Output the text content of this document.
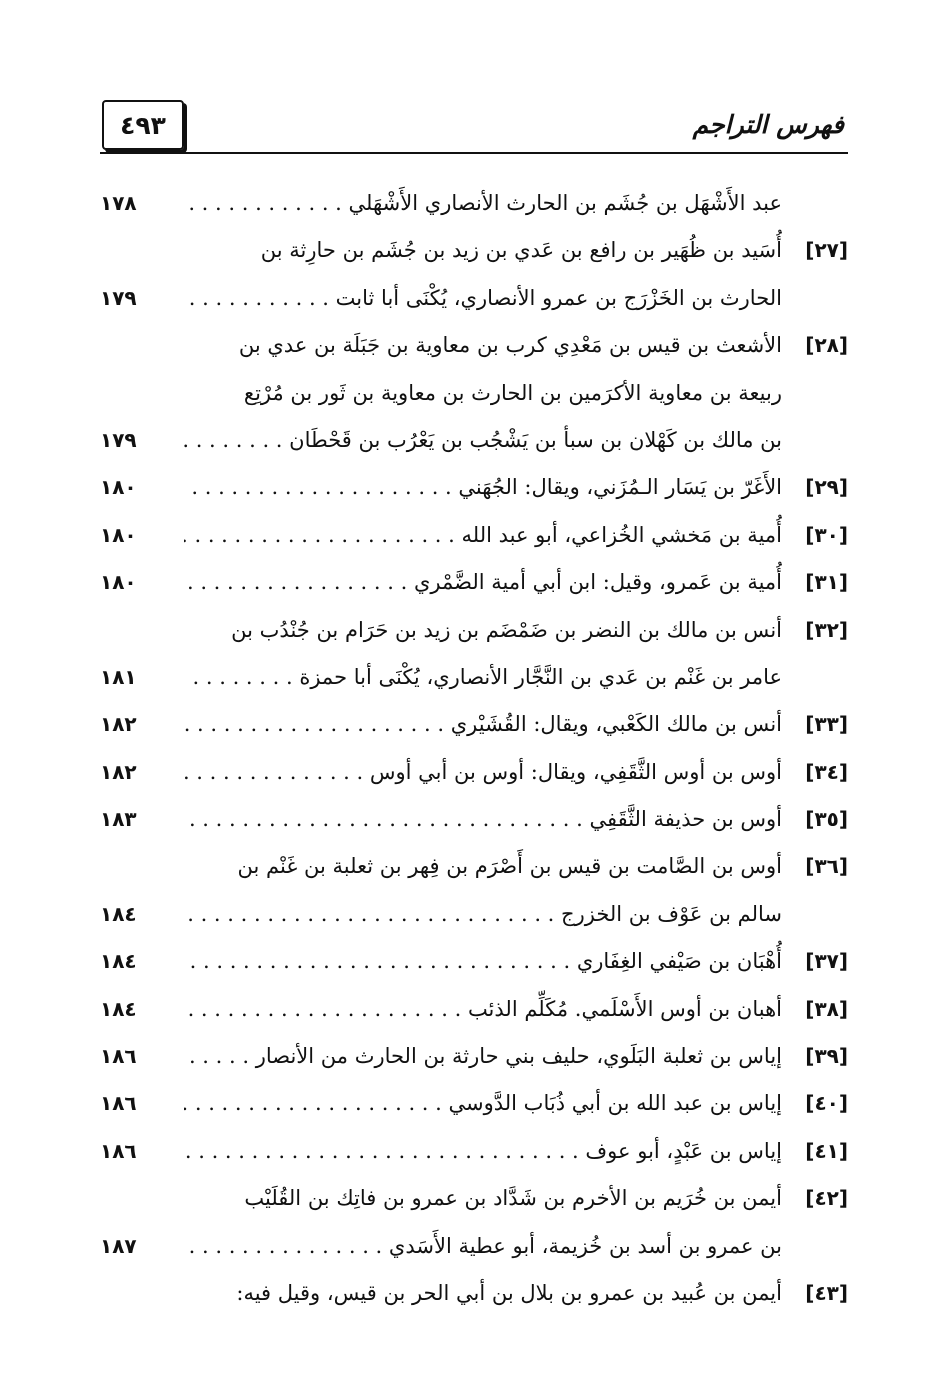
٤٩٣	فهرس التراجم
عبد الأَشْهَل بن جُشَم بن الحارث الأنصاري الأَشْهَلي . . .
١٧٨
[٢٧]
أُسَيد بن ظُهَير بن رافع بن عَدي بن زيد بن جُشَم بن حارِثة بن
الحارث بن الخَزْرَج بن عمرو الأنصاري، يُكْنَى أبا ثابت . . .
١٧٩
[٢٨]
الأشعث بن قيس بن مَعْدِي كرب بن معاوية بن جَبَلَة بن عدي بن
ربيعة بن معاوية الأكرَمين بن الحارث بن معاوية بن ثَور بن مُرْتِع
بن مالك بن كَهْلان بن سبأ بن يَشْجُب بن يَعْرُب بن قَحْطَان . . .
١٧٩
[٢٩]
الأَغَرّ بن يَسَار الـمُزَني، ويقال: الجُهَني . . .
١٨٠
[٣٠]
أُمية بن مَخشي الخُزاعي، أبو عبد الله . . .
١٨٠
[٣١]
أُمية بن عَمرو، وقيل: ابن أبي أمية الضَّمْري . . .
١٨٠
[٣٢]
أنس بن مالك بن النضر بن ضَمْضَم بن زيد بن حَرَام بن جُنْدُب بن
عامر بن غَنْم بن عَدي بن النَّجَّار الأنصاري، يُكْنَى أبا حمزة . . .
١٨١
[٣٣]
أنس بن مالك الكَعْبي، ويقال: القُشَيْري . . .
١٨٢
[٣٤]
أوس بن أوس الثَّقَفِي، ويقال: أوس بن أبي أوس . . .
١٨٢
[٣٥]
أوس بن حذيفة الثَّقَفِي . . .
١٨٣
[٣٦]
أوس بن الصَّامت بن قيس بن أَصْرَم بن فِهر بن ثعلبة بن غَنْم بن
سالم بن عَوْف بن الخزرج . . .
١٨٤
[٣٧]
أُهْبَان بن صَيْفي الغِفَاري . . .
١٨٤
[٣٨]
أهبان بن أوس الأَسْلَمي. مُكَلِّم الذئب . . .
١٨٤
[٣٩]
إياس بن ثعلبة البَلَوي، حليف بني حارثة بن الحارث من الأنصار . . .
١٨٦
[٤٠]
إياس بن عبد الله بن أبي ذُبَاب الدَّوسي . . .
١٨٦
[٤١]
إياس بن عَبْدٍ، أبو عوف . . .
١٨٦
[٤٢]
أيمن بن خُرَيم بن الأخرم بن شَدَّاد بن عمرو بن فاتِك بن القُلَيْب
بن عمرو بن أسد بن خُزيمة، أبو عطية الأَسَدي . . .
١٨٧
[٤٣]
أيمن بن عُبيد بن عمرو بن بلال بن أبي الحر بن قيس، وقيل فيه:
